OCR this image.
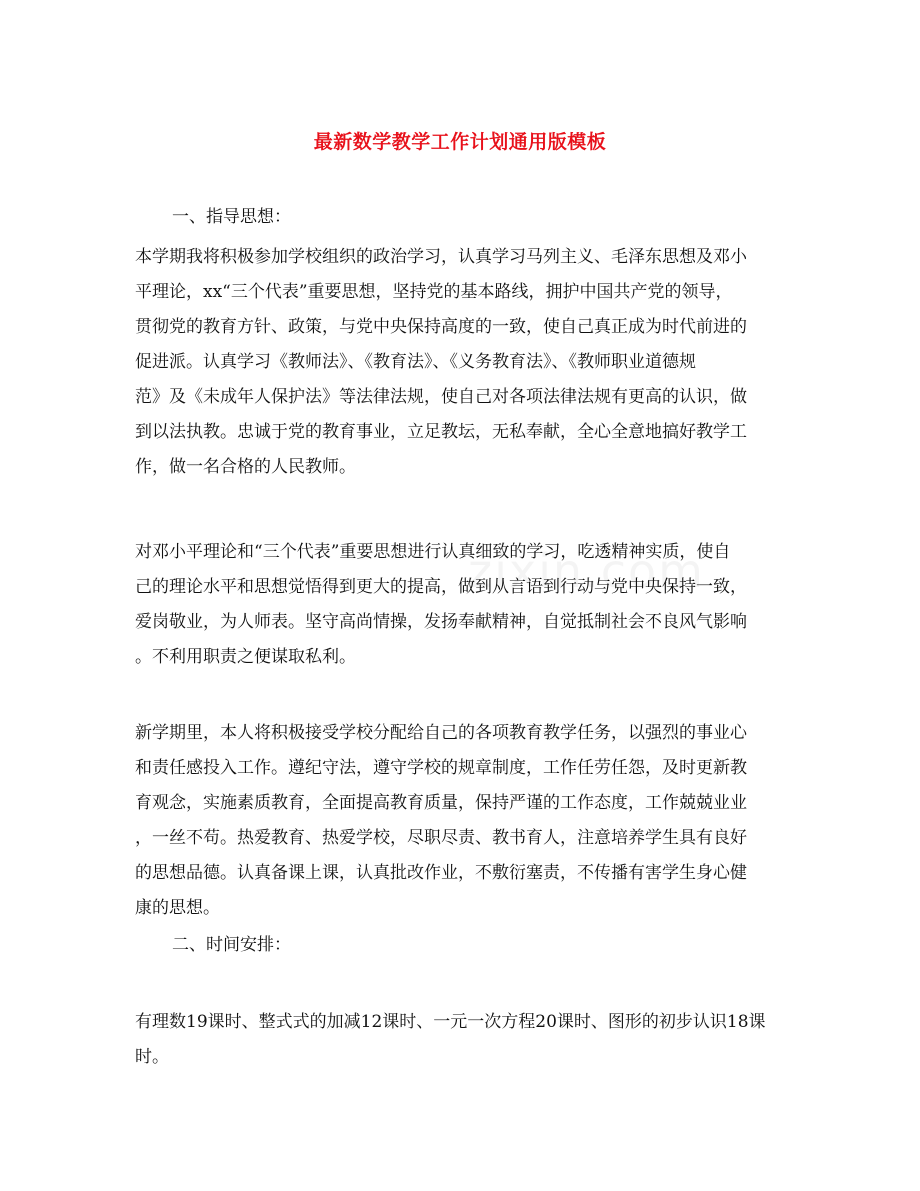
最新数学教学工作计划通用版模板
一、指导思想：
本学期我将积极参加学校组织的政治学习，认真学习马列主义、毛泽东思想及邓小
平理论，xx“三个代表”重要思想，坚持党的基本路线，拥护中国共产党的领导，
贯彻党的教育方针、政策，与党中央保持高度的一致，使自己真正成为时代前进的
促进派。认真学习《教师法》、《教育法》、《义务教育法》、《教师职业道德规
范》及《未成年人保护法》等法律法规，使自己对各项法律法规有更高的认识，做
到以法执教。忠诚于党的教育事业，立足教坛，无私奉献，全心全意地搞好教学工
作，做一名合格的人民教师。
对邓小平理论和“三个代表”重要思想进行认真细致的学习，吃透精神实质，使自
己的理论水平和思想觉悟得到更大的提高，做到从言语到行动与党中央保持一致，
爱岗敬业，为人师表。坚守高尚情操，发扬奉献精神，自觉抵制社会不良风气影响
。不利用职责之便谋取私利。
新学期里，本人将积极接受学校分配给自己的各项教育教学任务，以强烈的事业心
和责任感投入工作。遵纪守法，遵守学校的规章制度，工作任劳任怨，及时更新教
育观念，实施素质教育，全面提高教育质量，保持严谨的工作态度，工作兢兢业业
，一丝不苟。热爱教育、热爱学校，尽职尽责、教书育人，注意培养学生具有良好
的思想品德。认真备课上课，认真批改作业，不敷衍塞责，不传播有害学生身心健
康的思想。
二、时间安排：
有理数19课时、整式式的加减12课时、一元一次方程20课时、图形的初步认识18课
时。
